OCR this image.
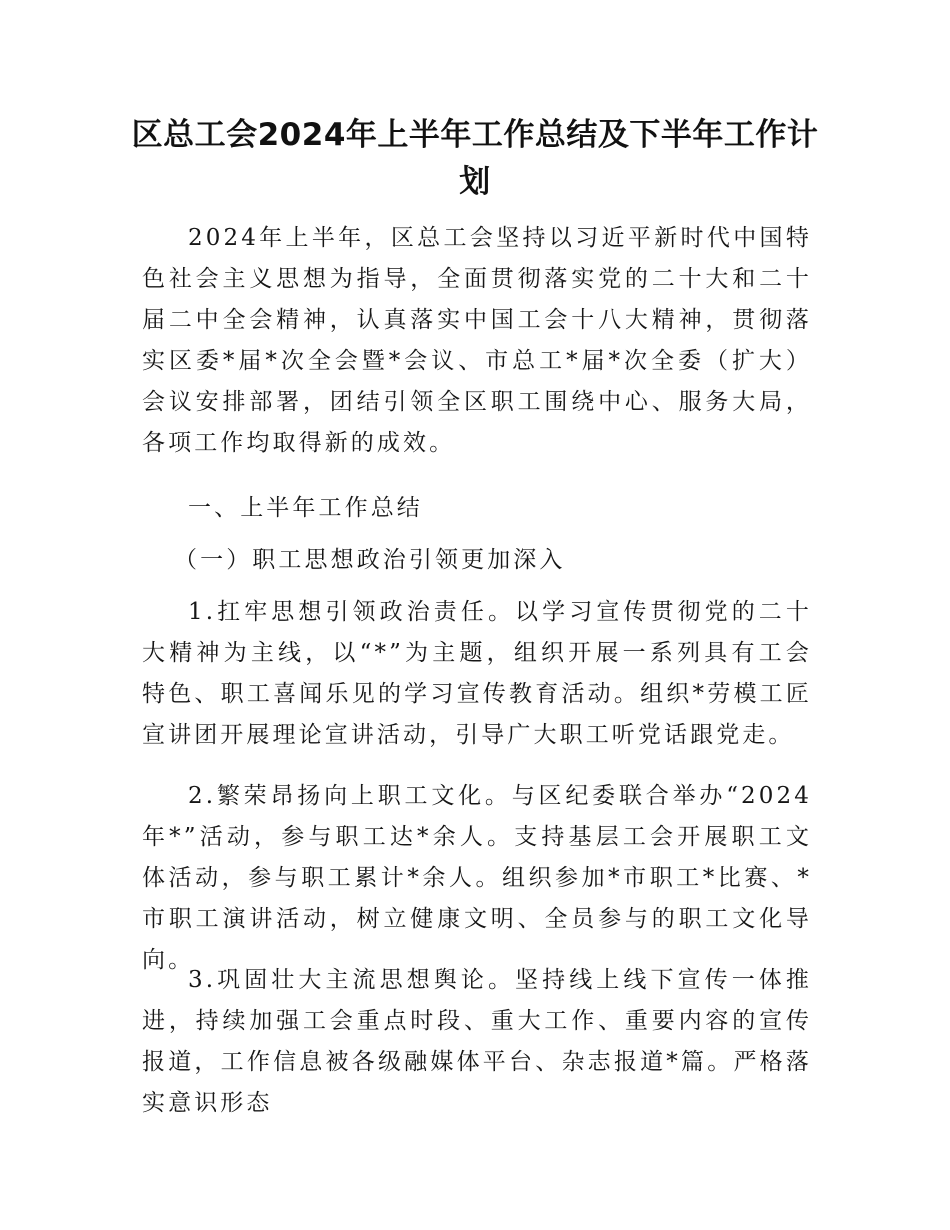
区总工会2024年上半年工作总结及下半年工作计划

2024年上半年，区总工会坚持以习近平新时代中国特色社会主义思想为指导，全面贯彻落实党的二十大和二十届二中全会精神，认真落实中国工会十八大精神，贯彻落实区委*届*次全会暨*会议、市总工*届*次全委（扩大）会议安排部署，团结引领全区职工围绕中心、服务大局，各项工作均取得新的成效。

一、上半年工作总结

（一）职工思想政治引领更加深入

1.扛牢思想引领政治责任。以学习宣传贯彻党的二十大精神为主线，以“*”为主题，组织开展一系列具有工会特色、职工喜闻乐见的学习宣传教育活动。组织*劳模工匠宣讲团开展理论宣讲活动，引导广大职工听党话跟党走。

2.繁荣昂扬向上职工文化。与区纪委联合举办“2024年*”活动，参与职工达*余人。支持基层工会开展职工文体活动，参与职工累计*余人。组织参加*市职工*比赛、*市职工演讲活动，树立健康文明、全员参与的职工文化导向。

3.巩固壮大主流思想舆论。坚持线上线下宣传一体推进，持续加强工会重点时段、重大工作、重要内容的宣传报道，工作信息被各级融媒体平台、杂志报道*篇。严格落实意识形态
